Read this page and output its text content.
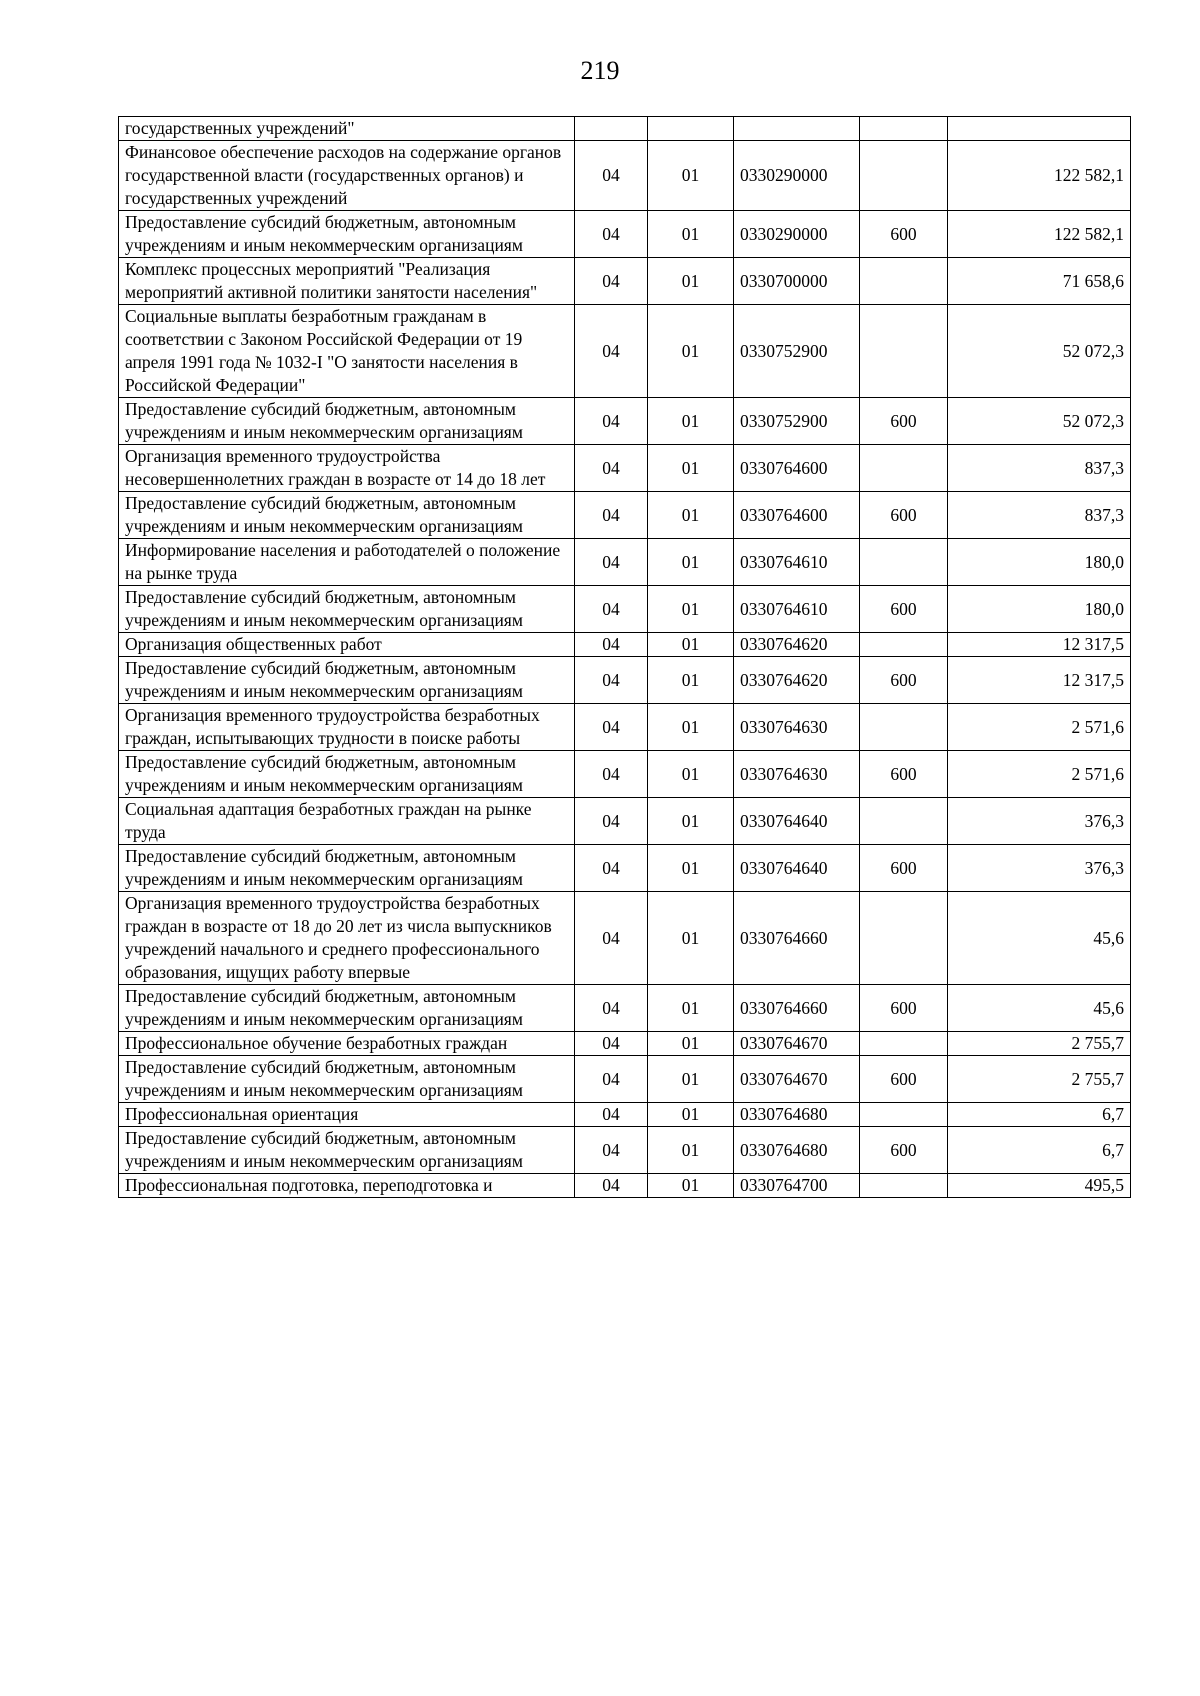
219
государственных учреждений"					
Финансовое обеспечение расходов на содержание органов государственной власти (государственных органов) и государственных учреждений	04	01	0330290000		122 582,1
Предоставление субсидий бюджетным, автономным учреждениям и иным некоммерческим организациям	04	01	0330290000	600	122 582,1
Комплекс процессных мероприятий "Реализация мероприятий активной политики занятости населения"	04	01	0330700000		71 658,6
Социальные выплаты безработным гражданам в соответствии с Законом Российской Федерации от 19 апреля 1991 года № 1032-I "О занятости населения в Российской Федерации"	04	01	0330752900		52 072,3
Предоставление субсидий бюджетным, автономным учреждениям и иным некоммерческим организациям	04	01	0330752900	600	52 072,3
Организация временного трудоустройства несовершеннолетних граждан в возрасте от 14 до 18 лет	04	01	0330764600		837,3
Предоставление субсидий бюджетным, автономным учреждениям и иным некоммерческим организациям	04	01	0330764600	600	837,3
Информирование населения и работодателей о положение на рынке труда	04	01	0330764610		180,0
Предоставление субсидий бюджетным, автономным учреждениям и иным некоммерческим организациям	04	01	0330764610	600	180,0
Организация общественных работ	04	01	0330764620		12 317,5
Предоставление субсидий бюджетным, автономным учреждениям и иным некоммерческим организациям	04	01	0330764620	600	12 317,5
Организация временного трудоустройства безработных граждан, испытывающих трудности в поиске работы	04	01	0330764630		2 571,6
Предоставление субсидий бюджетным, автономным учреждениям и иным некоммерческим организациям	04	01	0330764630	600	2 571,6
Социальная адаптация безработных граждан на рынке труда	04	01	0330764640		376,3
Предоставление субсидий бюджетным, автономным учреждениям и иным некоммерческим организациям	04	01	0330764640	600	376,3
Организация временного трудоустройства безработных граждан в возрасте от 18 до 20 лет из числа выпускников учреждений начального и среднего профессионального образования, ищущих работу впервые	04	01	0330764660		45,6
Предоставление субсидий бюджетным, автономным учреждениям и иным некоммерческим организациям	04	01	0330764660	600	45,6
Профессиональное обучение безработных граждан	04	01	0330764670		2 755,7
Предоставление субсидий бюджетным, автономным учреждениям и иным некоммерческим организациям	04	01	0330764670	600	2 755,7
Профессиональная ориентация	04	01	0330764680		6,7
Предоставление субсидий бюджетным, автономным учреждениям и иным некоммерческим организациям	04	01	0330764680	600	6,7
Профессиональная подготовка, переподготовка и	04	01	0330764700		495,5
